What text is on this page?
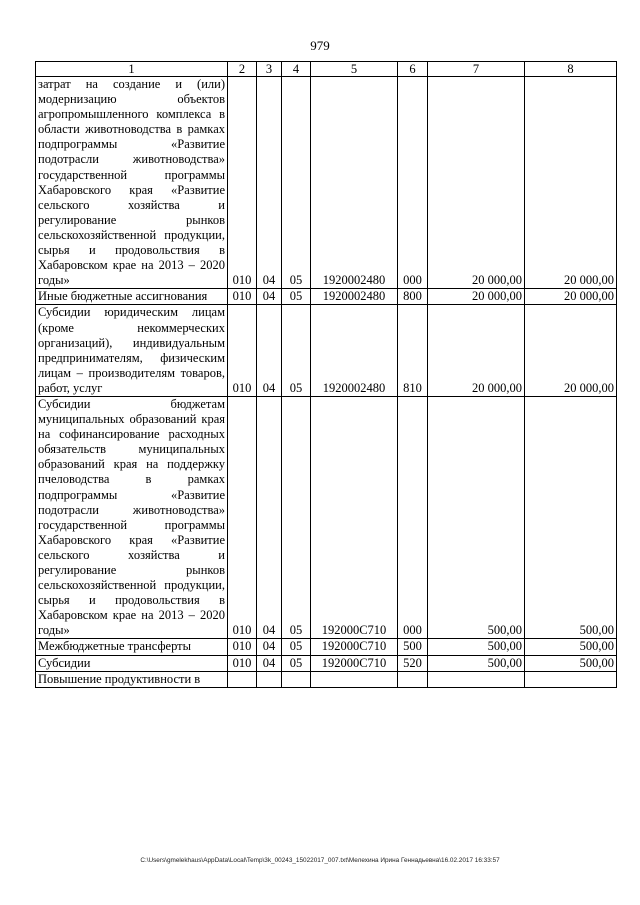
979
1	2	3	4	5	6	7	8
затрат на создание и (или) модернизацию объектов агропромышленного комплекса в области животноводства в рамках подпрограммы «Развитие подотрасли животноводства» государственной программы Хабаровского края «Развитие сельского хозяйства и регулирование рынков сельскохозяйственной продукции, сырья и продовольствия в Хабаровском крае на 2013 – 2020 годы»	010	04	05	1920002480	000	20 000,00	20 000,00
Иные бюджетные ассигнования	010	04	05	1920002480	800	20 000,00	20 000,00
Субсидии юридическим лицам (кроме некоммерческих организаций), индивидуальным предпринимателям, физическим лицам – производителям товаров, работ, услуг	010	04	05	1920002480	810	20 000,00	20 000,00
Субсидии бюджетам муниципальных образований края на софинансирование расходных обязательств муниципальных образований края на поддержку пчеловодства в рамках подпрограммы «Развитие подотрасли животноводства» государственной программы Хабаровского края «Развитие сельского хозяйства и регулирование рынков сельскохозяйственной продукции, сырья и продовольствия в Хабаровском крае на 2013 – 2020 годы»	010	04	05	192000С710	000	500,00	500,00
Межбюджетные трансферты	010	04	05	192000С710	500	500,00	500,00
Субсидии	010	04	05	192000С710	520	500,00	500,00
Повышение продуктивности в							
C:\Users\gmelekhaus\AppData\Local\Temp\3k_00243_15022017_007.txt\Мелехина Ирина Геннадьевна\16.02.2017 16:33:57
